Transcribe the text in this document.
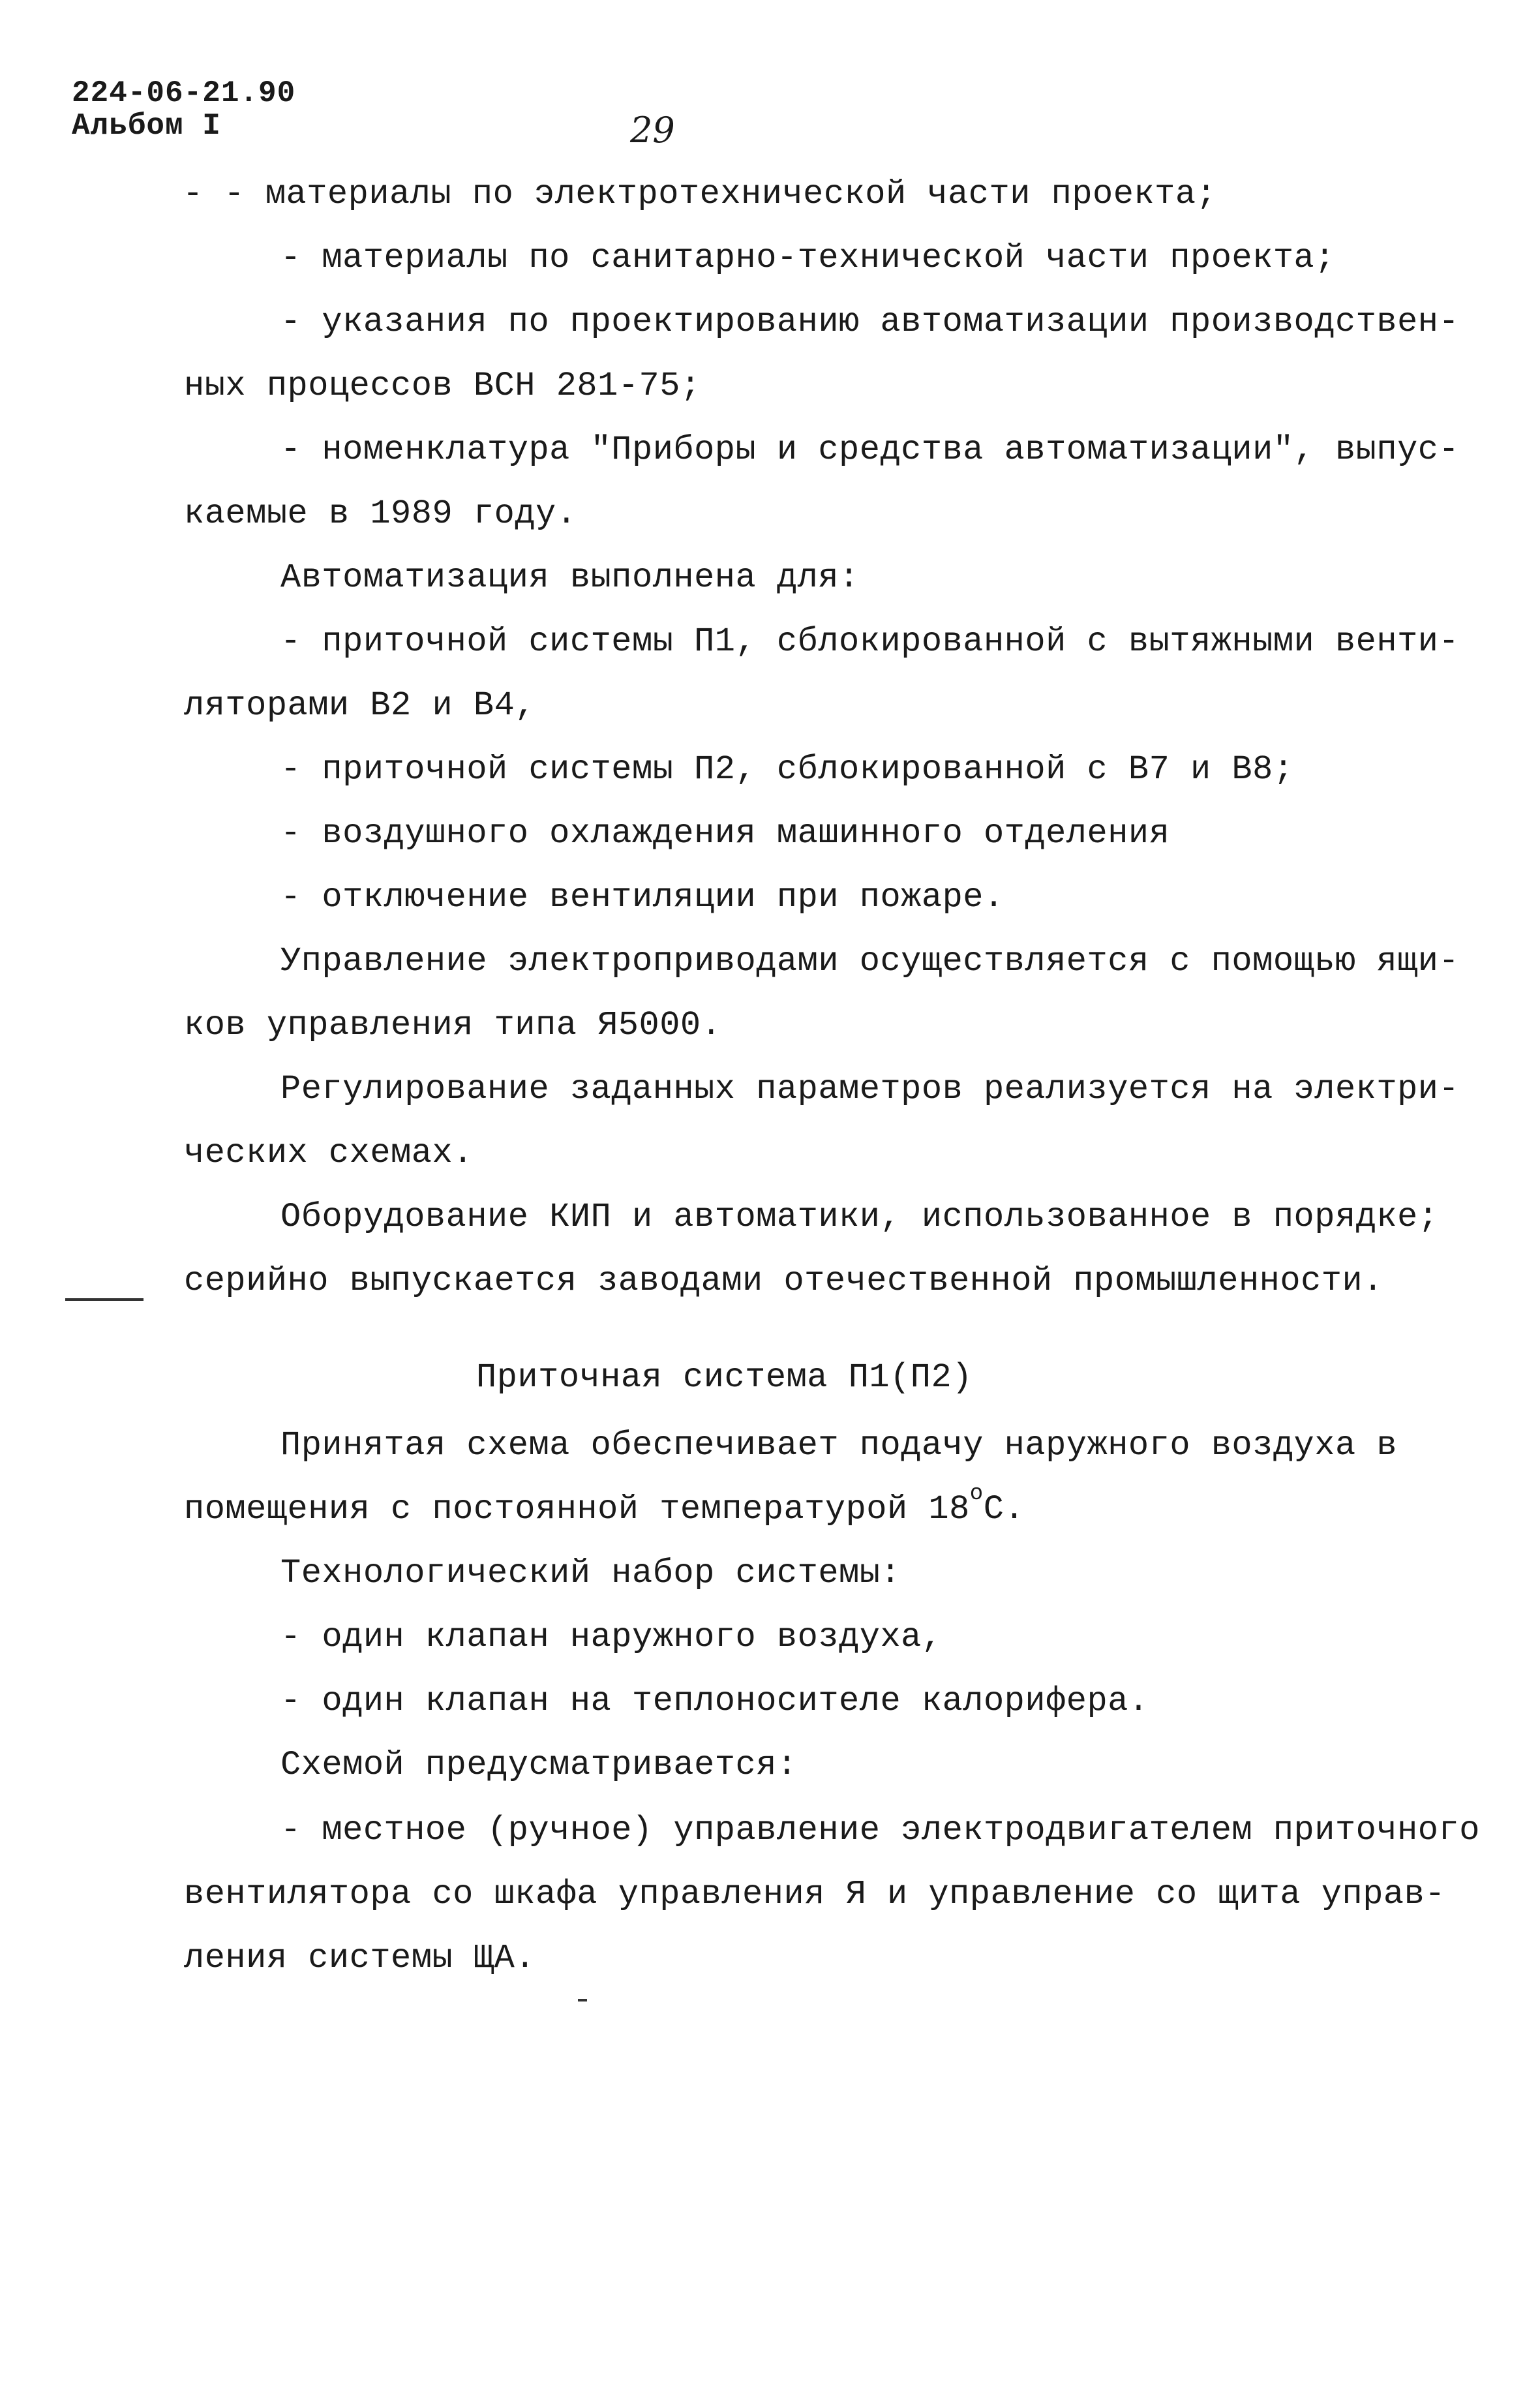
224-06-21.90
Альбом I	29
- - материалы по электротехнической части проекта;
- материалы по санитарно-технической части проекта;
- указания по проектированию автоматизации производствен-
ных процессов ВСН 281-75;
- номенклатура "Приборы и средства автоматизации", выпус-
каемые в 1989 году.
Автоматизация выполнена для:
- приточной системы П1, сблокированной с вытяжными венти-
ляторами В2 и В4,
- приточной системы П2, сблокированной с В7 и В8;
- воздушного охлаждения машинного отделения
- отключение вентиляции при пожаре.
Управление электроприводами осуществляется с помощью ящи-
ков управления типа Я5000.
Регулирование заданных параметров реализуется на электри-
ческих схемах.
Оборудование КИП и автоматики, использованное в порядке;
серийно выпускается заводами отечественной промышленности.
Приточная система П1(П2)
Принятая схема обеспечивает подачу наружного воздуха в
помещения с постоянной температурой $18^оС$.
Технологический набор системы:
- один клапан наружного воздуха,
- один клапан на теплоносителе калорифера.
Схемой предусматривается:
- местное (ручное) управление электродвигателем приточного
вентилятора со шкафа управления Я и управление со щита управ-
ления системы ЩА.
